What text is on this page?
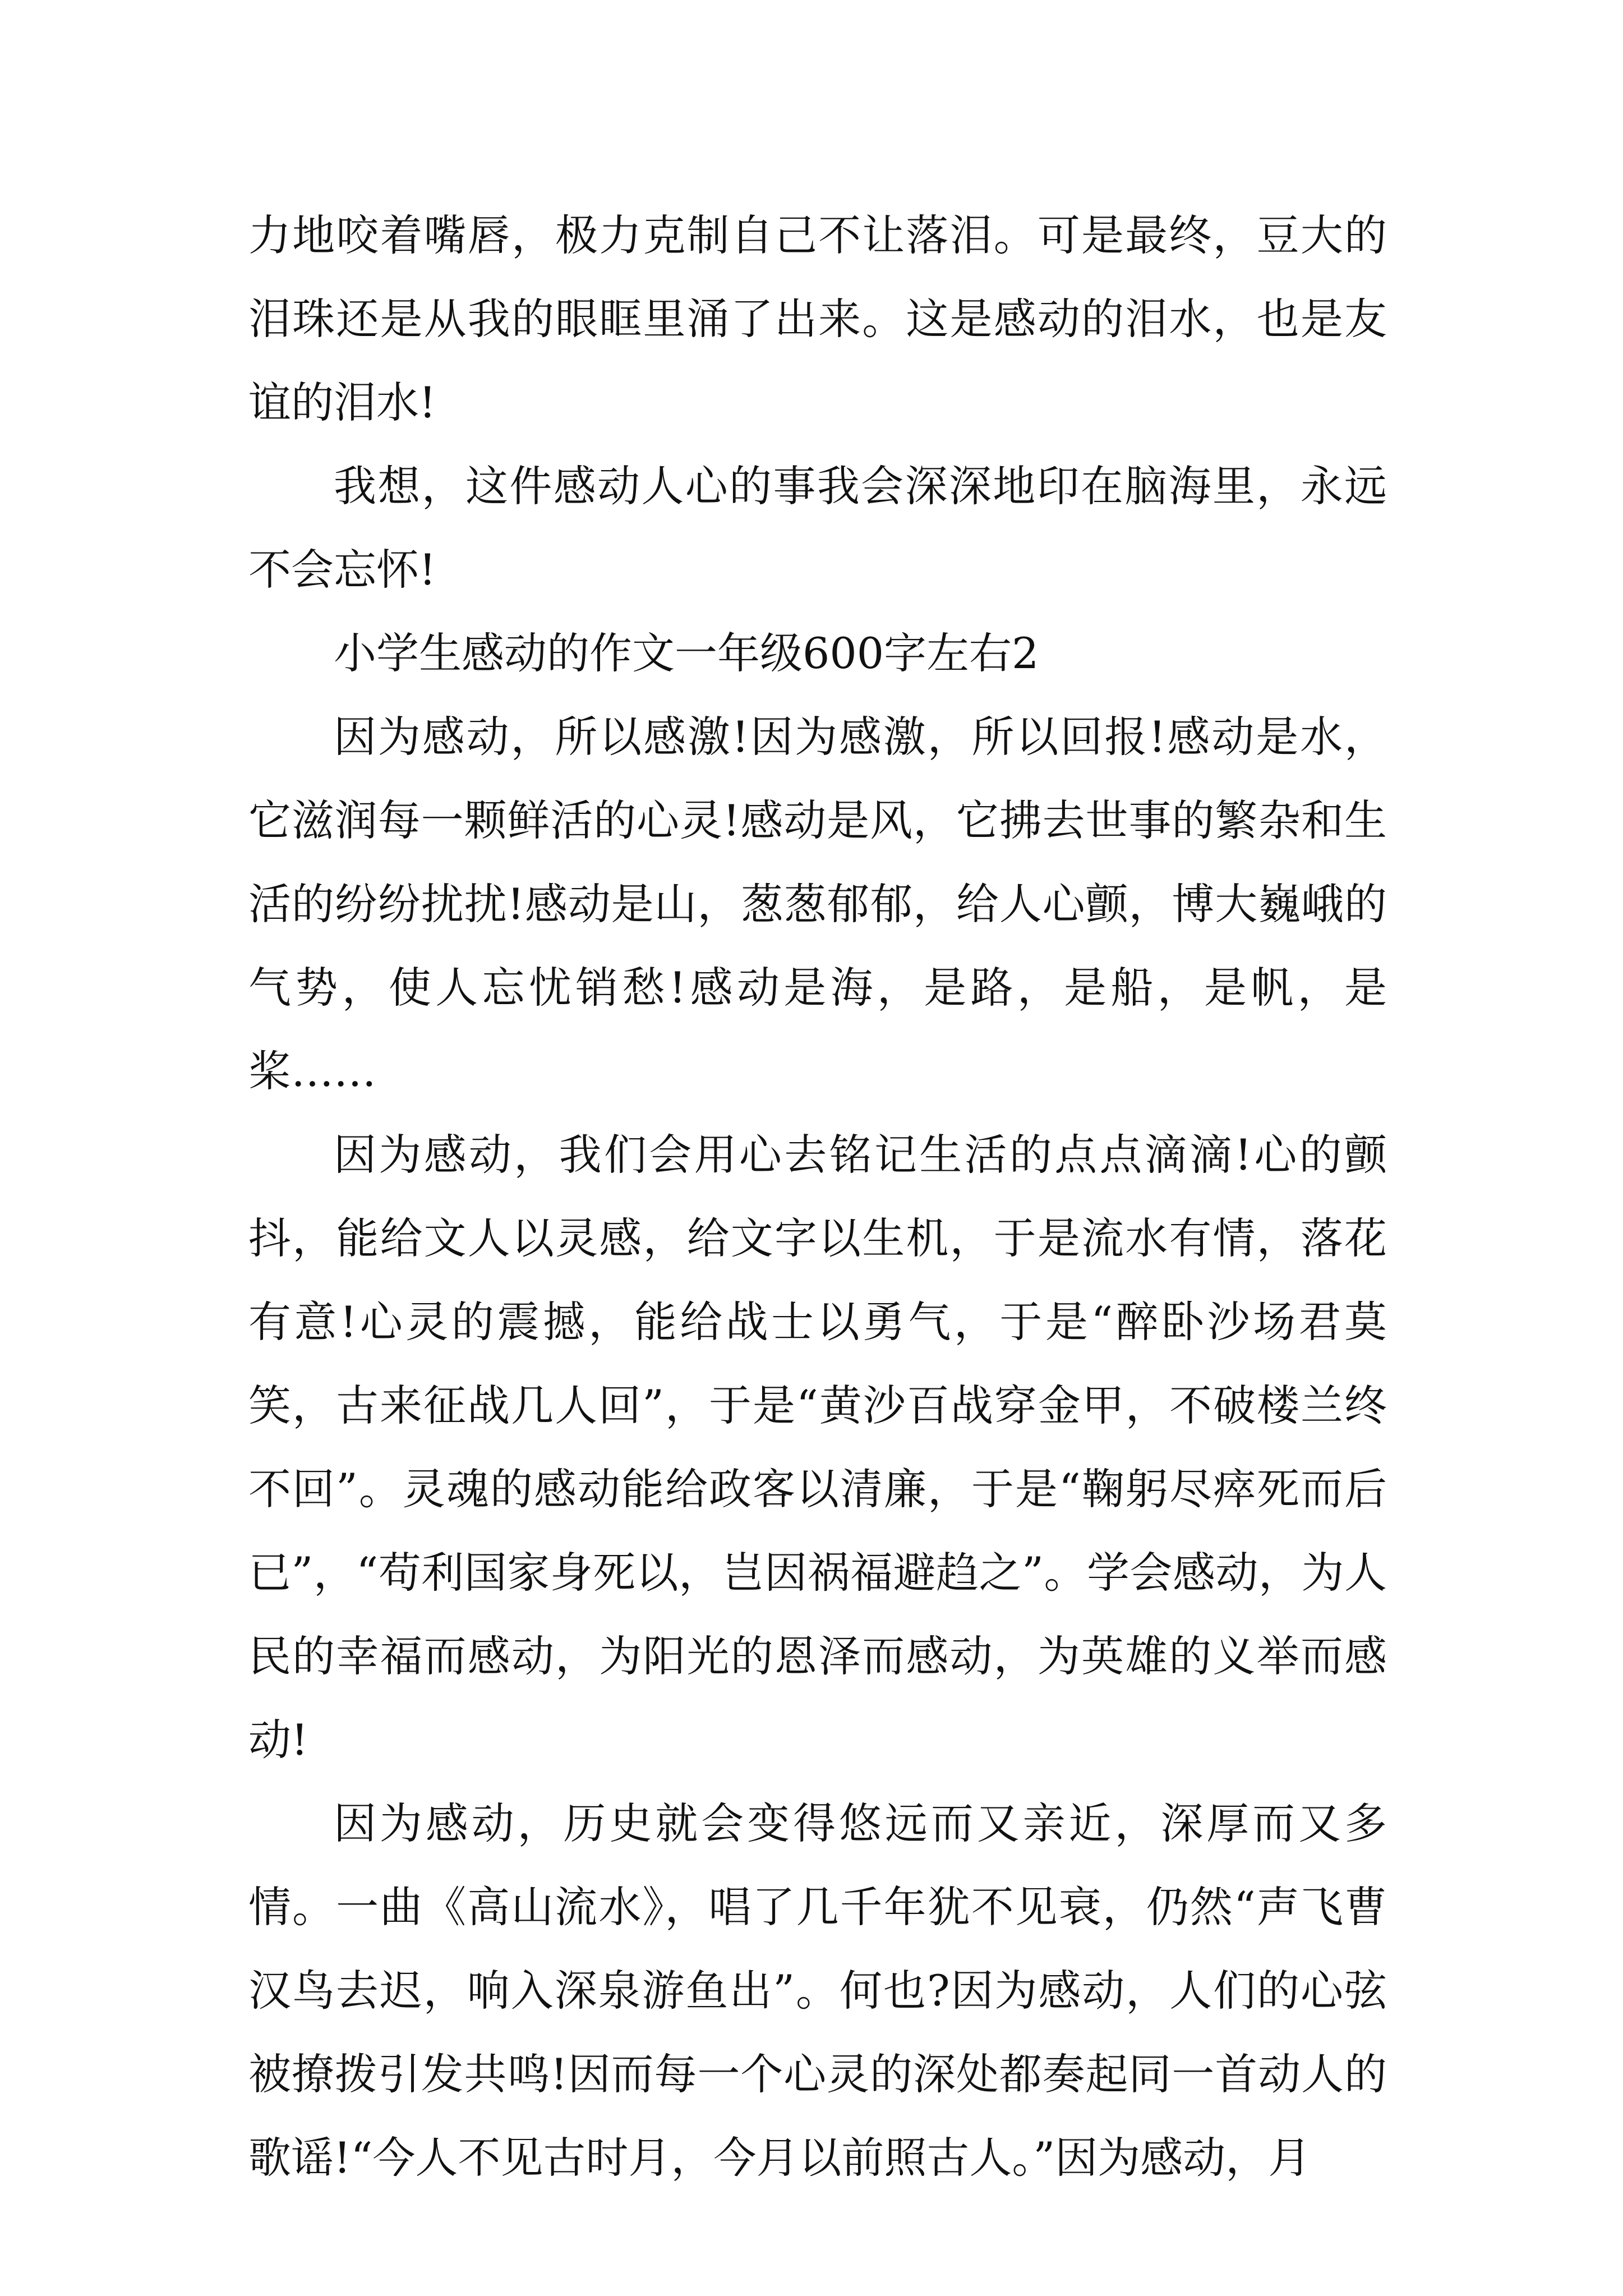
力地咬着嘴唇，极力克制自己不让落泪。可是最终，豆大的泪珠还是从我的眼眶里涌了出来。这是感动的泪水，也是友谊的泪水!

我想，这件感动人心的事我会深深地印在脑海里，永远不会忘怀!

小学生感动的作文一年级600字左右2

因为感动，所以感激!因为感激，所以回报!感动是水，它滋润每一颗鲜活的心灵!感动是风，它拂去世事的繁杂和生活的纷纷扰扰!感动是山，葱葱郁郁，给人心颤，博大巍峨的气势，使人忘忧销愁!感动是海，是路，是船，是帆，是桨……

因为感动，我们会用心去铭记生活的点点滴滴!心的颤抖，能给文人以灵感，给文字以生机，于是流水有情，落花有意!心灵的震撼，能给战士以勇气，于是“醉卧沙场君莫笑，古来征战几人回”，于是“黄沙百战穿金甲，不破楼兰终不回”。灵魂的感动能给政客以清廉，于是“鞠躬尽瘁死而后已”，“苟利国家身死以，岂因祸福避趋之”。学会感动，为人民的幸福而感动，为阳光的恩泽而感动，为英雄的义举而感动!

因为感动，历史就会变得悠远而又亲近，深厚而又多情。一曲《高山流水》，唱了几千年犹不见衰，仍然“声飞曹汉鸟去迟，响入深泉游鱼出”。何也?因为感动，人们的心弦被撩拨引发共鸣!因而每一个心灵的深处都奏起同一首动人的歌谣!“今人不见古时月，今月以前照古人。”因为感动，月
